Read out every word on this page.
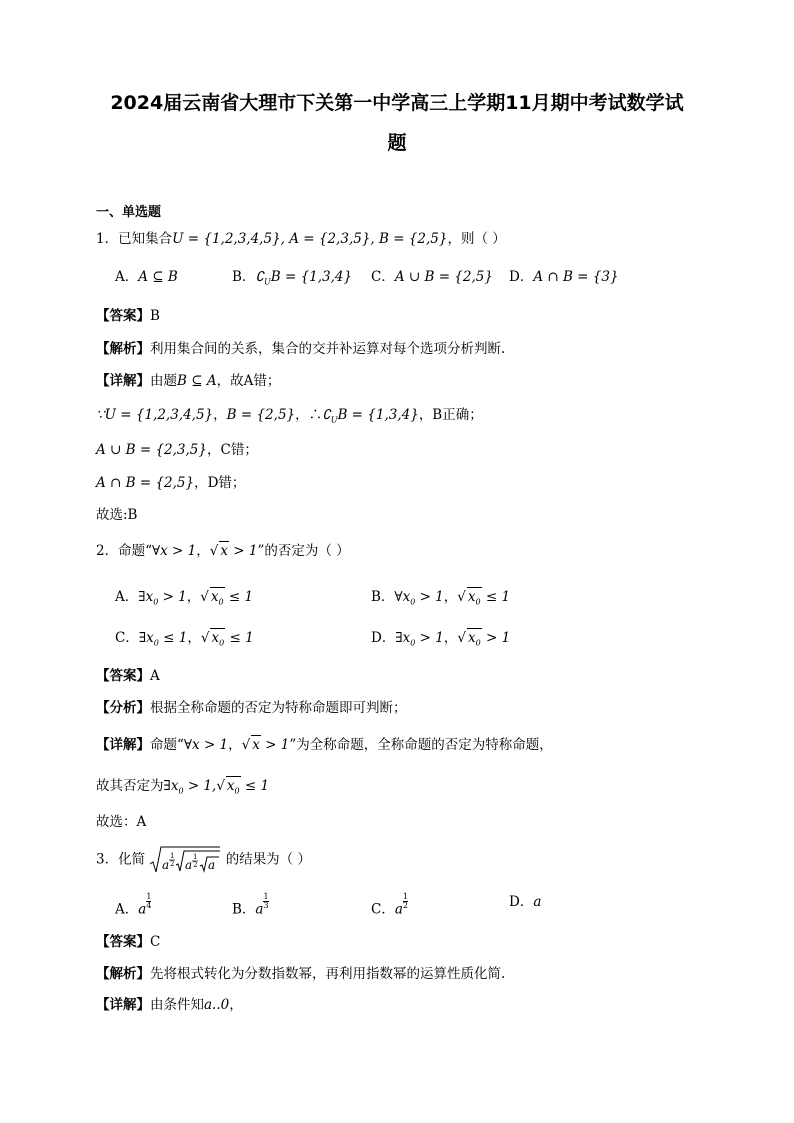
2024届云南省大理市下关第一中学高三上学期11月期中考试数学试
题
一、单选题
1．已知集合U = {1,2,3,4,5}, A = {2,3,5}, B = {2,5}，则（ ）
A．A ⊆ B	B．$∁_UB = \{1,3,4\}$ C．A ∪ B = {2,5} D．A ∩ B = {3}
【答案】B
【解析】利用集合间的关系，集合的交并补运算对每个选项分析判断.
【详解】由题B ⊆ A，故A错；
∵U = {1,2,3,4,5}，B = {2,5}，$\therefore∁_UB = \{1,3,4\}$，B正确；
A ∪ B = {2,3,5}，C错；
A ∩ B = {2,5}，D错；
故选:B
2．命题“∀x > 1，√ x > 1”的否定为（ ）
A．$\exists x_0 > 1$，√ $x_0 \le 1$	B．$\forall x_0 > 1$，√ $x_0 \le 1$
C．$\exists x_0 \le 1$，√ $x_0 \le 1$	D．$\exists x_0 > 1$，√ $x_0 > 1$
【答案】A
【分析】根据全称命题的否定为特称命题即可判断；
【详解】命题“∀x > 1，√ x > 1”为全称命题，全称命题的否定为特称命题，
故其否定为$\exists x_0 > 1,√$ $x_0 \le 1$
故选：A
3．化简 a
1
2 a
1
2 a 的结果为（ ）
A．a $\frac{1}{4}$	B．a $\frac{1}{3}$	C．a $\frac{1}{2}$	D．a
【答案】C
【解析】先将根式转化为分数指数幂，再利用指数幂的运算性质化简.
【详解】由条件知a..0，
